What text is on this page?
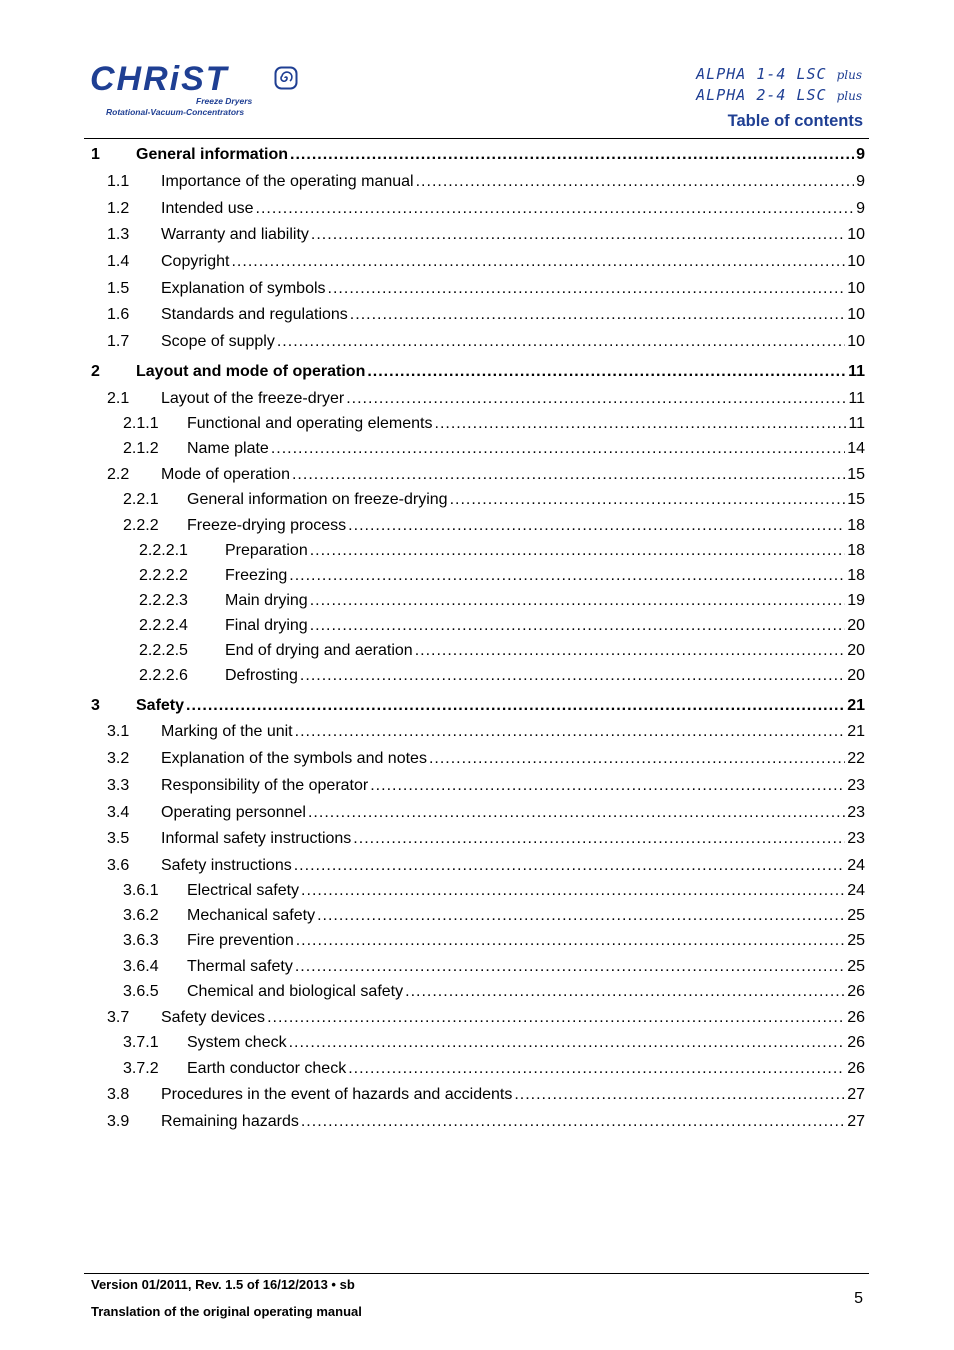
CHRiST
Freeze Dryers
Rotational-Vacuum-Concentrators
ALPHA 1-4 LSC plus
ALPHA 2-4 LSC plus
Table of contents
1 General information .....	9
1.1 Importance of the operating manual .....	9
1.2 Intended use .....	9
1.3 Warranty and liability .....	10
1.4 Copyright .....	10
1.5 Explanation of symbols .....	10
1.6 Standards and regulations .....	10
1.7 Scope of supply .....	10
2 Layout and mode of operation .....	11
2.1 Layout of the freeze-dryer .....	11
2.1.1 Functional and operating elements .....	11
2.1.2 Name plate .....	14
2.2 Mode of operation .....	15
2.2.1 General information on freeze-drying .....	15
2.2.2 Freeze-drying process .....	18
2.2.2.1 Preparation .....	18
2.2.2.2 Freezing .....	18
2.2.2.3 Main drying .....	19
2.2.2.4 Final drying .....	20
2.2.2.5 End of drying and aeration .....	20
2.2.2.6 Defrosting .....	20
3 Safety .....	21
3.1 Marking of the unit .....	21
3.2 Explanation of the symbols and notes .....	22
3.3 Responsibility of the operator .....	23
3.4 Operating personnel .....	23
3.5 Informal safety instructions .....	23
3.6 Safety instructions .....	24
3.6.1 Electrical safety .....	24
3.6.2 Mechanical safety .....	25
3.6.3 Fire prevention .....	25
3.6.4 Thermal safety .....	25
3.6.5 Chemical and biological safety .....	26
3.7 Safety devices .....	26
3.7.1 System check .....	26
3.7.2 Earth conductor check .....	26
3.8 Procedures in the event of hazards and accidents .....	27
3.9 Remaining hazards .....	27
Version 01/2011, Rev. 1.5 of 16/12/2013 • sb
Translation of the original operating manual
5
